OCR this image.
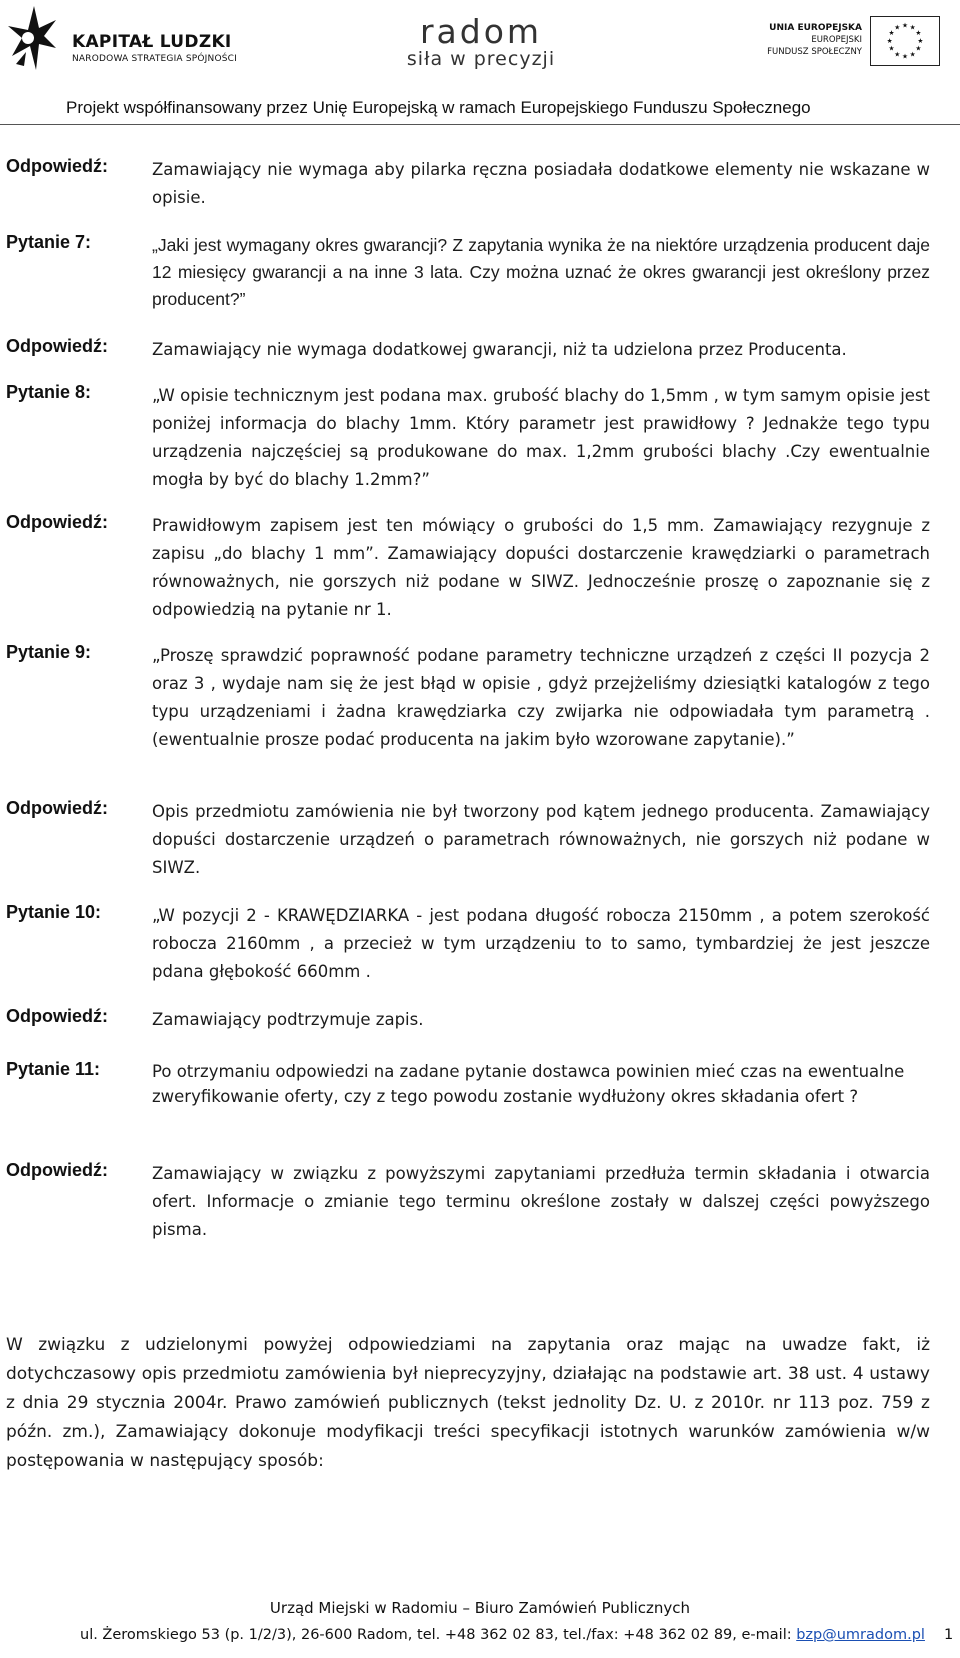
KAPITAŁ LUDZKI
NARODOWA STRATEGIA SPÓJNOŚCI
radom
siła w precyzji
UNIA EUROPEJSKA
EUROPEJSKI
FUNDUSZ SPOŁECZNY
★ ★
★
★
★
★
★
★
★
★
★
★
Projekt współfinansowany przez Unię Europejską w ramach Europejskiego Funduszu Społecznego
Odpowiedź:	Zamawiający nie wymaga aby pilarka ręczna posiadała dodatkowe elementy nie wskazane w opisie.
Pytanie 7:	„Jaki jest wymagany okres gwarancji? Z zapytania wynika że na niektóre urządzenia producent daje 12 miesięcy gwarancji a na inne 3 lata. Czy można uznać że okres gwarancji jest określony przez producent?”
Odpowiedź:	Zamawiający nie wymaga dodatkowej gwarancji, niż ta udzielona przez Producenta.
Pytanie 8:	„W opisie technicznym jest podana max. grubość blachy do 1,5mm , w tym samym opisie jest poniżej informacja do blachy 1mm. Który parametr jest prawidłowy ? Jednakże tego typu urządzenia najczęściej są produkowane do max. 1,2mm grubości blachy .Czy ewentualnie mogła by być do blachy 1.2mm?”
Odpowiedź:	Prawidłowym zapisem jest ten mówiący o grubości do 1,5 mm. Zamawiający rezygnuje z zapisu „do blachy 1 mm”. Zamawiający dopuści dostarczenie krawędziarki o parametrach równoważnych, nie gorszych niż podane w SIWZ. Jednocześnie proszę o zapoznanie się z odpowiedzią na pytanie nr 1.
Pytanie 9:	„Proszę sprawdzić poprawność podane parametry techniczne urządzeń z części II pozycja 2 oraz 3 , wydaje nam się że jest błąd w opisie , gdyż przejżeliśmy dziesiątki katalogów z tego typu urządzeniami i żadna krawędziarka czy zwijarka nie odpowiadała tym parametrą . (ewentualnie prosze podać producenta na jakim było wzorowane zapytanie).”
Odpowiedź:	Opis przedmiotu zamówienia nie był tworzony pod kątem jednego producenta. Zamawiający dopuści dostarczenie urządzeń o parametrach równoważnych, nie gorszych niż podane w SIWZ.
Pytanie 10:	„W pozycji 2 - KRAWĘDZIARKA - jest podana długość robocza 2150mm , a potem szerokość robocza 2160mm , a przecież w tym urządzeniu to to samo, tymbardziej że jest jeszcze pdana głębokość 660mm .
Odpowiedź:	Zamawiający podtrzymuje zapis.
Pytanie 11:	Po otrzymaniu odpowiedzi na zadane pytanie dostawca powinien mieć czas na ewentualne zweryfikowanie oferty, czy z tego powodu zostanie wydłużony okres składania ofert ?
Odpowiedź:	Zamawiający w związku z powyższymi zapytaniami przedłuża termin składania i otwarcia ofert. Informacje o zmianie tego terminu określone zostały w dalszej części powyższego pisma.
W związku z udzielonymi powyżej odpowiedziami na zapytania oraz mając na uwadze fakt, iż dotychczasowy opis przedmiotu zamówienia był nieprecyzyjny, działając na podstawie art. 38 ust. 4 ustawy z dnia 29 stycznia 2004r. Prawo zamówień publicznych (tekst jednolity Dz. U. z 2010r. nr 113 poz. 759 z późn. zm.), Zamawiający dokonuje modyfikacji treści specyfikacji istotnych warunków zamówienia w/w postępowania w następujący sposób:
Urząd Miejski w Radomiu – Biuro Zamówień Publicznych
ul. Żeromskiego 53 (p. 1/2/3), 26-600 Radom, tel. +48 362 02 83, tel./fax: +48 362 02 89, e-mail: bzp@umradom.pl	1
